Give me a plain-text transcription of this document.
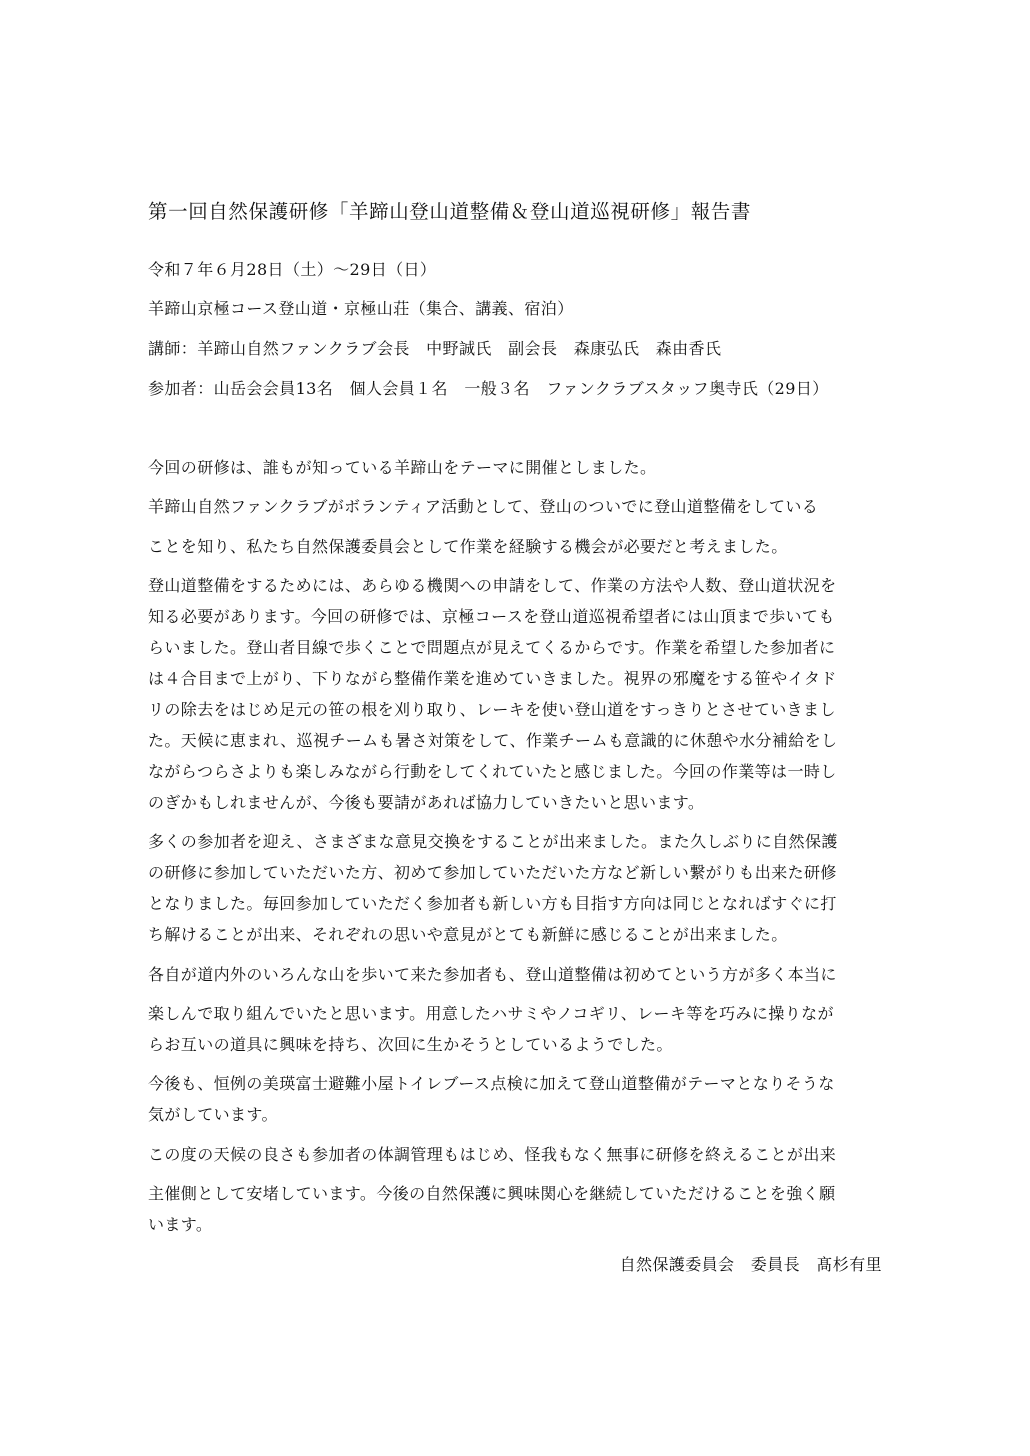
第一回自然保護研修「羊蹄山登山道整備＆登山道巡視研修」報告書
令和７年６月28日（土）～29日（日）
羊蹄山京極コース登山道・京極山荘（集合、講義、宿泊）
講師：羊蹄山自然ファンクラブ会長　中野誠氏　副会長　森康弘氏　森由香氏
参加者：山岳会会員13名　個人会員１名　一般３名　ファンクラブスタッフ奥寺氏（29日）
今回の研修は、誰もが知っている羊蹄山をテーマに開催としました。
羊蹄山自然ファンクラブがボランティア活動として、登山のついでに登山道整備をしている
ことを知り、私たち自然保護委員会として作業を経験する機会が必要だと考えました。
登山道整備をするためには、あらゆる機関への申請をして、作業の方法や人数、登山道状況を
知る必要があります。今回の研修では、京極コースを登山道巡視希望者には山頂まで歩いても
らいました。登山者目線で歩くことで問題点が見えてくるからです。作業を希望した参加者に
は４合目まで上がり、下りながら整備作業を進めていきました。視界の邪魔をする笹やイタド
リの除去をはじめ足元の笹の根を刈り取り、レーキを使い登山道をすっきりとさせていきまし
た。天候に恵まれ、巡視チームも暑さ対策をして、作業チームも意識的に休憩や水分補給をし
ながらつらさよりも楽しみながら行動をしてくれていたと感じました。今回の作業等は一時し
のぎかもしれませんが、今後も要請があれば協力していきたいと思います。
多くの参加者を迎え、さまざまな意見交換をすることが出来ました。また久しぶりに自然保護
の研修に参加していただいた方、初めて参加していただいた方など新しい繋がりも出来た研修
となりました。毎回参加していただく参加者も新しい方も目指す方向は同じとなればすぐに打
ち解けることが出来、それぞれの思いや意見がとても新鮮に感じることが出来ました。
各自が道内外のいろんな山を歩いて来た参加者も、登山道整備は初めてという方が多く本当に
楽しんで取り組んでいたと思います。用意したハサミやノコギリ、レーキ等を巧みに操りなが
らお互いの道具に興味を持ち、次回に生かそうとしているようでした。
今後も、恒例の美瑛富士避難小屋トイレブース点検に加えて登山道整備がテーマとなりそうな
気がしています。
この度の天候の良さも参加者の体調管理もはじめ、怪我もなく無事に研修を終えることが出来
主催側として安堵しています。今後の自然保護に興味関心を継続していただけることを強く願
います。
自然保護委員会　委員長　髙杉有里
